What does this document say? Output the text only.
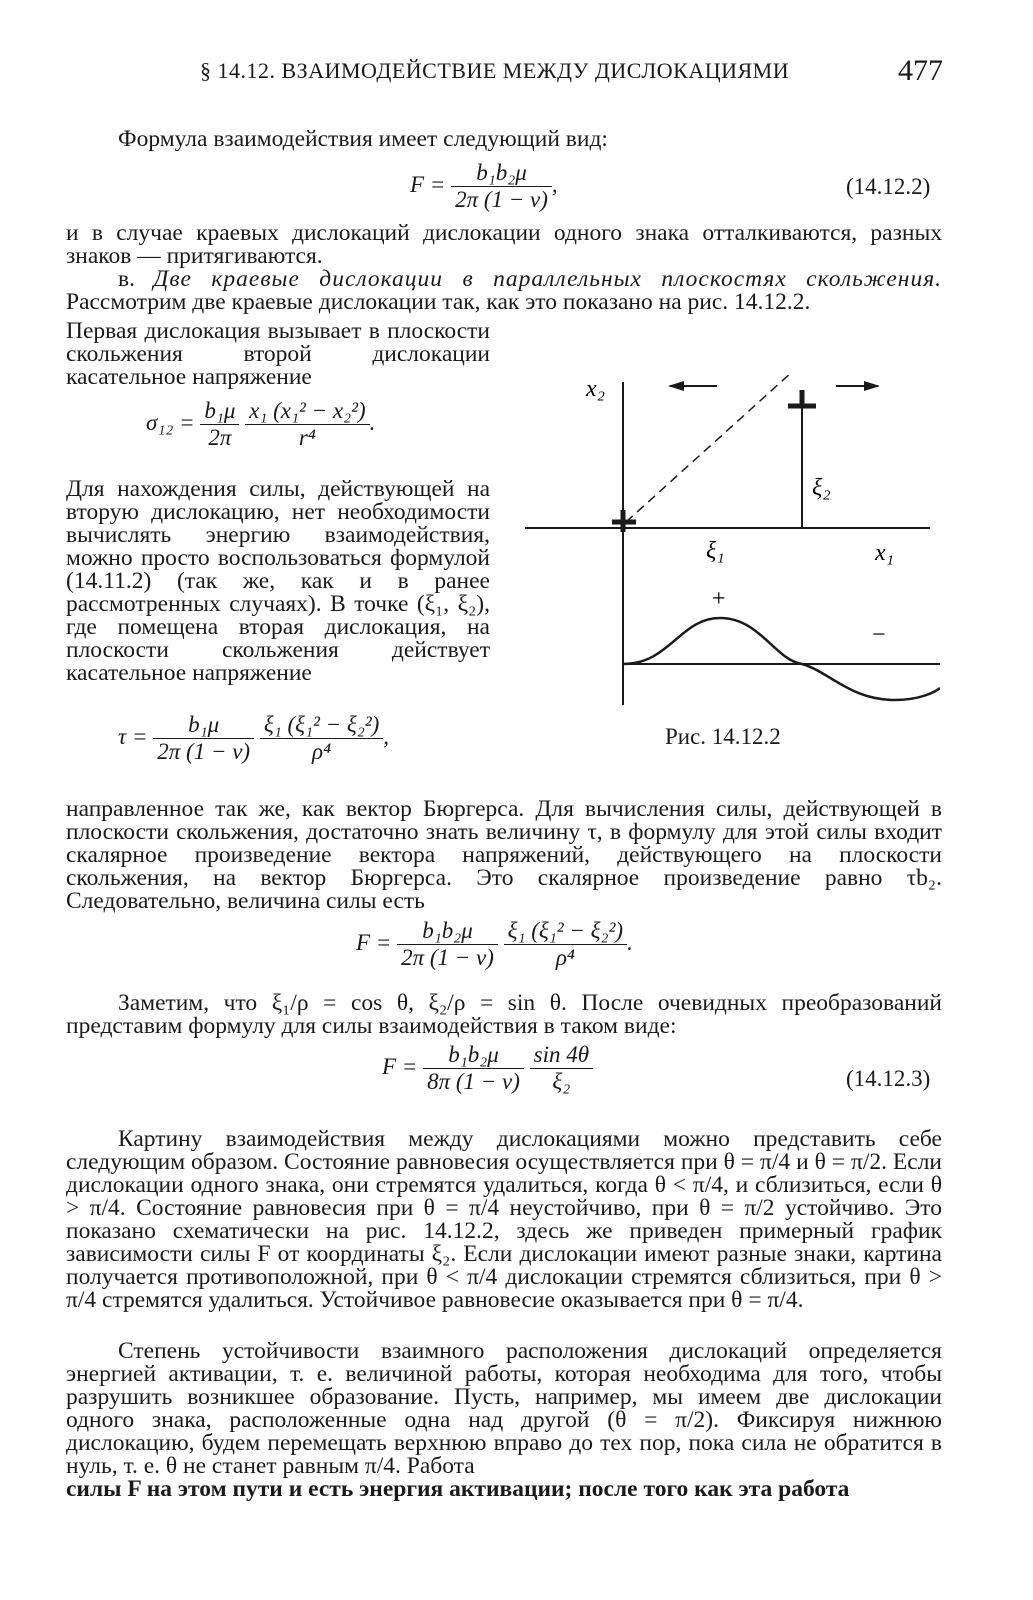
§ 14.12. ВЗАИМОДЕЙСТВИЕ МЕЖДУ ДИСЛОКАЦИЯМИ	477
Формула взаимодействия имеет следующий вид:
$F = \frac{\text{b₁b₂μ}}{2\pi (1 - \nu)}$ ,	(14.12.2)
и в случае краевых дислокаций дислокации одного знака отталкиваются, разных знаков — притягиваются.
в. Две краевые дислокации в параллельных плоскостях скольжения. Рассмотрим две краевые дислокации так, как это показано на рис. 14.12.2.
Первая дислокация вызывает в плоскости скольжения второй дислокации касательное напряжение
$\sigma_{12} = \frac{\text{b₁μ}}{2\pi}$
$\frac{\text{x₁ (x₁² − x₂²)}}{\text{r⁴}}$ .
Для нахождения силы, действующей на вторую дислокацию, нет необходимости вычислять энергию взаимодействия, можно просто воспользоваться формулой (14.11.2) (так же, как и в ранее рассмотренных случаях). В точке (ξ₁, ξ₂), где помещена вторая дислокация, на плоскости скольжения действует касательное напряжение
$\tau = \frac{\text{b₁μ}}{2\pi (1 - \nu)}$
$\frac{\text{ξ₁ (ξ₁² − ξ₂²)}}{\text{ρ⁴}}$ ,
x₂
x₁
ξ₁
ξ₂
+
−
Рис. 14.12.2
направленное так же, как вектор Бюргерса. Для вычисления силы, действующей в плоскости скольжения, достаточно знать величину τ, в формулу для этой силы входит скалярное произведение вектора напряжений, действующего на плоскости скольжения, на вектор Бюргерса. Это скалярное произведение равно τb₂. Следовательно, величина силы есть
$F = \frac{\text{b₁b₂μ}}{2\pi (1 - \nu)}$
$\frac{\text{ξ₁ (ξ₁² − ξ₂²)}}{\text{ρ⁴}}$ .
Заметим, что ξ₁/ρ = cos θ, ξ₂/ρ = sin θ. После очевидных преобразований представим формулу для силы взаимодействия в таком виде:
$F = \frac{\text{b₁b₂μ}}{8\pi (1 - \nu)}$
$\frac{\sin 4\theta}{\text{ξ₂}}$	(14.12.3)
Картину взаимодействия между дислокациями можно представить себе следующим образом. Состояние равновесия осуществляется при θ = π/4 и θ = π/2. Если дислокации одного знака, они стремятся удалиться, когда θ < π/4, и сблизиться, если θ > π/4. Состояние равновесия при θ = π/4 неустойчиво, при θ = π/2 устойчиво. Это показано схематически на рис. 14.12.2, здесь же приведен примерный график зависимости силы F от координаты ξ₂. Если дислокации имеют разные знаки, картина получается противоположной, при θ < π/4 дислокации стремятся сблизиться, при θ > π/4 стремятся удалиться. Устойчивое равновесие оказывается при θ = π/4.
Степень устойчивости взаимного расположения дислокаций определяется энергией активации, т. е. величиной работы, которая необходима для того, чтобы разрушить возникшее образование. Пусть, например, мы имеем две дислокации одного знака, расположенные одна над другой (θ = π/2). Фиксируя нижнюю дислокацию, будем перемещать верхнюю вправо до тех пор, пока сила не обратится в нуль, т. е. θ не станет равным π/4. Работа
силы F на этом пути и есть энергия активации; после того как эта работа
